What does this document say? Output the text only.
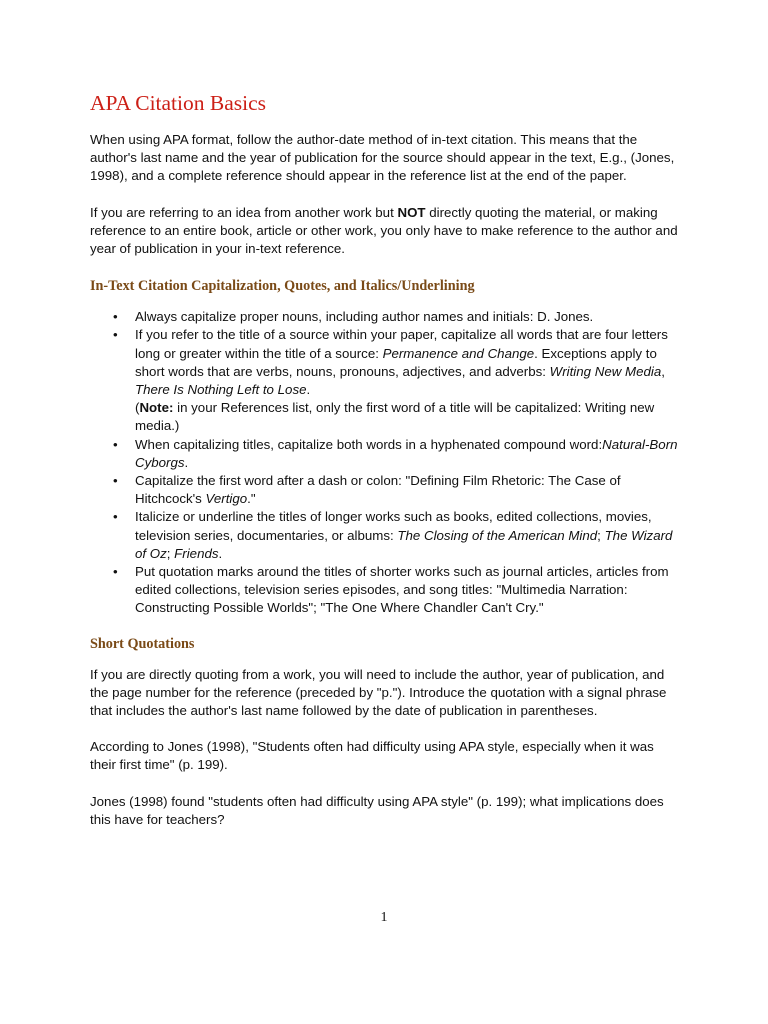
APA Citation Basics

When using APA format, follow the author-date method of in-text citation. This means that the author's last name and the year of publication for the source should appear in the text, E.g., (Jones, 1998), and a complete reference should appear in the reference list at the end of the paper.

If you are referring to an idea from another work but NOT directly quoting the material, or making reference to an entire book, article or other work, you only have to make reference to the author and year of publication in your in-text reference.

In-Text Citation Capitalization, Quotes, and Italics/Underlining
• Always capitalize proper nouns, including author names and initials: D. Jones.
• If you refer to the title of a source within your paper, capitalize all words that are four letters long or greater within the title of a source: Permanence and Change. Exceptions apply to short words that are verbs, nouns, pronouns, adjectives, and adverbs: Writing New Media, There Is Nothing Left to Lose.
(Note: in your References list, only the first word of a title will be capitalized: Writing new media.)
• When capitalizing titles, capitalize both words in a hyphenated compound word:Natural-Born Cyborgs.
• Capitalize the first word after a dash or colon: "Defining Film Rhetoric: The Case of Hitchcock's Vertigo."
• Italicize or underline the titles of longer works such as books, edited collections, movies, television series, documentaries, or albums: The Closing of the American Mind; The Wizard of Oz; Friends.
• Put quotation marks around the titles of shorter works such as journal articles, articles from edited collections, television series episodes, and song titles: "Multimedia Narration: Constructing Possible Worlds"; "The One Where Chandler Can't Cry."
Short Quotations

If you are directly quoting from a work, you will need to include the author, year of publication, and the page number for the reference (preceded by "p."). Introduce the quotation with a signal phrase that includes the author's last name followed by the date of publication in parentheses.

According to Jones (1998), "Students often had difficulty using APA style, especially when it was their first time" (p. 199).

Jones (1998) found "students often had difficulty using APA style" (p. 199); what implications does this have for teachers?

1
